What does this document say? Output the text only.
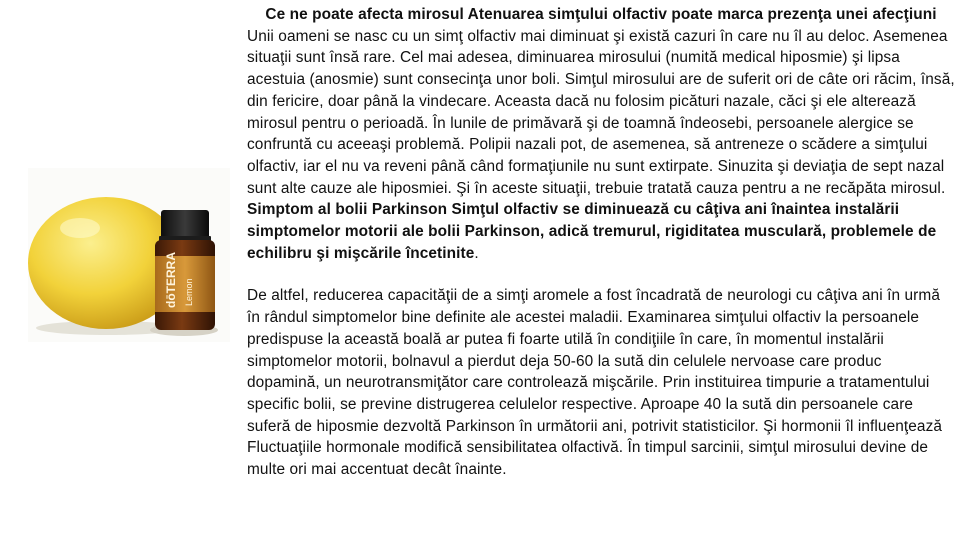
dōTERRA Lemon

Ce ne poate afecta mirosul Atenuarea simţului olfactiv poate marca prezenţa unei afecţiuni

Unii oameni se nasc cu un simţ olfactiv mai diminuat şi există cazuri în care nu îl au deloc. Asemenea situaţii sunt însă rare. Cel mai adesea, diminuarea mirosului (numită medical hiposmie) şi lipsa acestuia (anosmie) sunt consecinţa unor boli. Simţul mirosului are de suferit ori de câte ori răcim, însă, din fericire, doar până la vindecare. Aceasta dacă nu folosim picături nazale, căci şi ele alterează mirosul pentru o perioadă. În lunile de primăvară şi de toamnă îndeosebi, persoanele alergice se confruntă cu aceeaşi problemă. Polipii nazali pot, de asemenea, să antreneze o scădere a simţului olfactiv, iar el nu va reveni până când formaţiunile nu sunt extirpate. Sinuzita şi deviaţia de sept nazal sunt alte cauze ale hiposmiei. Şi în aceste situaţii, trebuie tratată cauza pentru a ne recăpăta mirosul. Simptom al bolii Parkinson Simţul olfactiv se diminuează cu câţiva ani înaintea instalării simptomelor motorii ale bolii Parkinson, adică tremurul, rigiditatea musculară, problemele de echilibru şi mişcările încetinite.

De altfel, reducerea capacităţii de a simţi aromele a fost încadrată de neurologi cu câţiva ani în urmă în rândul simptomelor bine definite ale acestei maladii. Examinarea simţului olfactiv la persoanele predispuse la această boală ar putea fi foarte utilă în condiţiile în care, în momentul instalării simptomelor motorii, bolnavul a pierdut deja 50-60 la sută din celulele nervoase care produc dopamină, un neurotransmiţător care controlează mişcările. Prin instituirea timpurie a tratamentului specific bolii, se previne distrugerea celulelor respective. Aproape 40 la sută din persoanele care suferă de hiposmie dezvoltă Parkinson în următorii ani, potrivit statisticilor. Şi hormonii îl influenţează Fluctuaţiile hormonale modifică sensibilitatea olfactivă. În timpul sarcinii, simţul mirosului devine de multe ori mai accentuat decât înainte.
